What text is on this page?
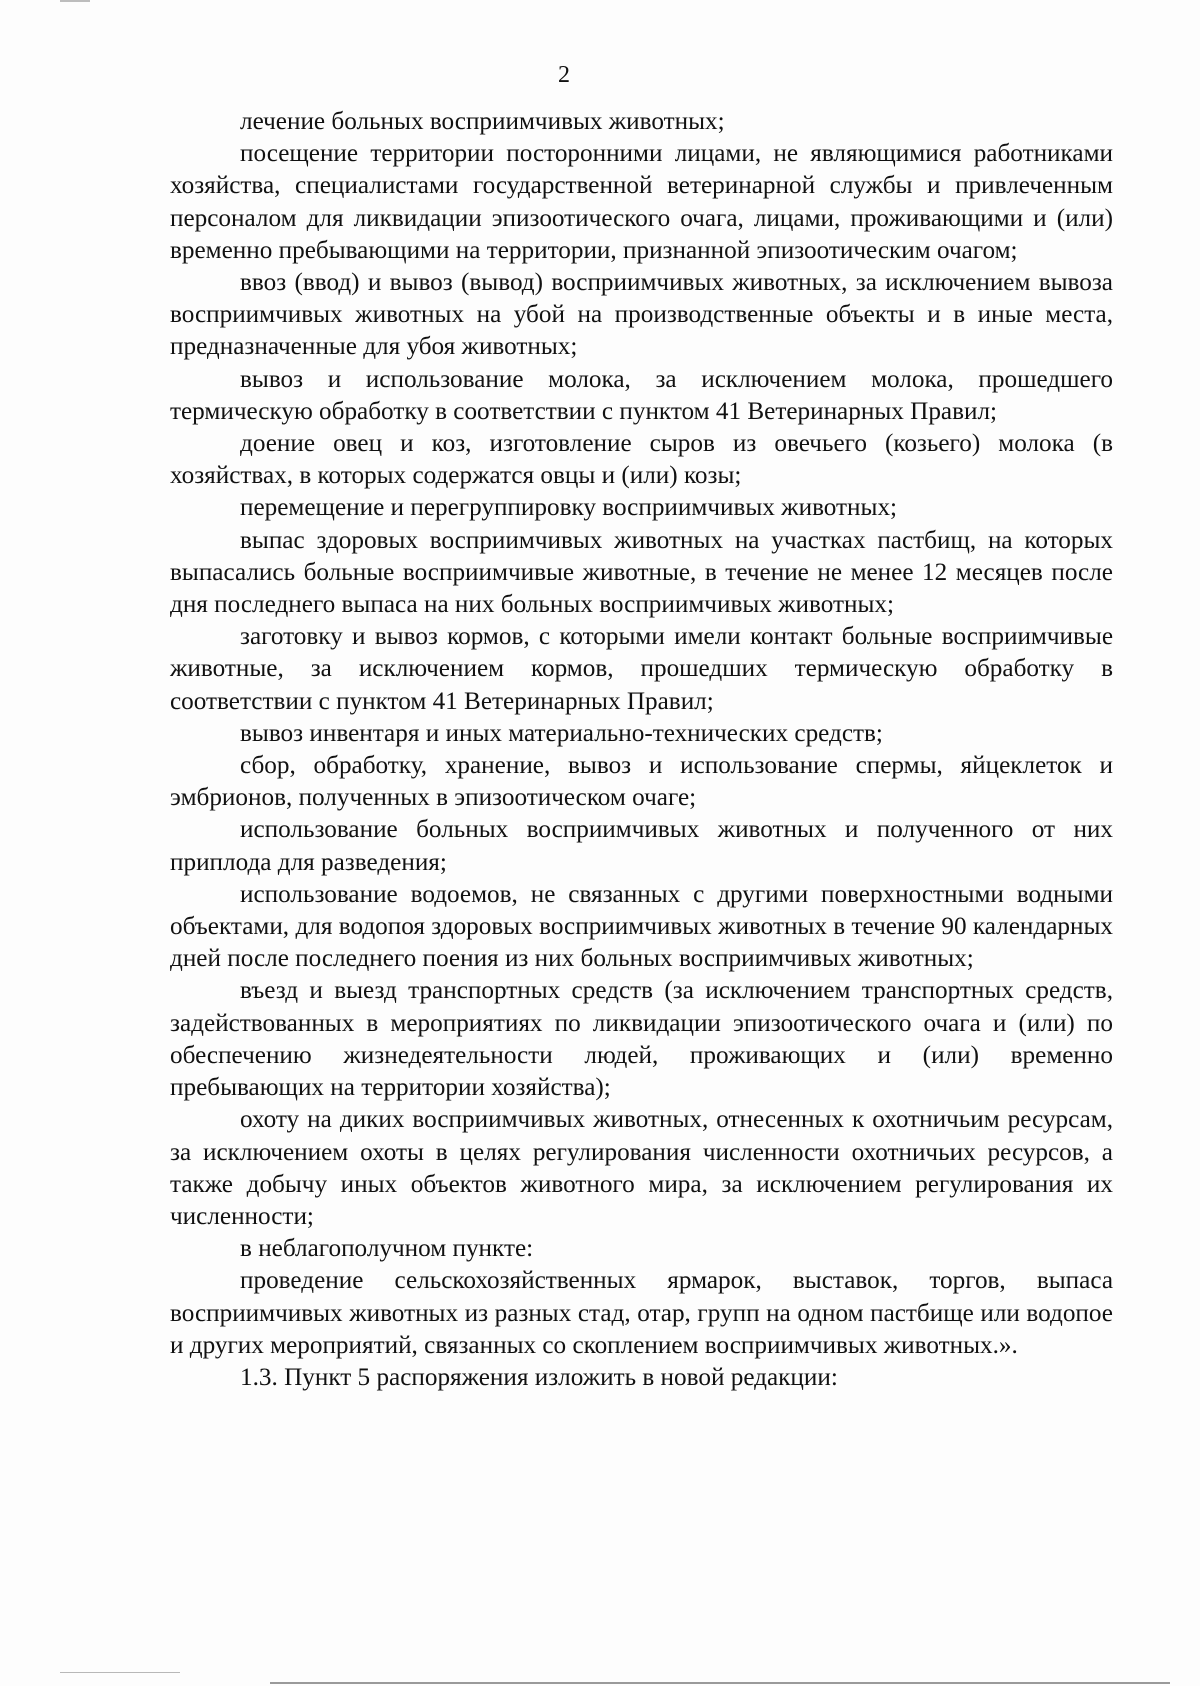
2

лечение больных восприимчивых животных;

посещение территории посторонними лицами, не являющимися работниками хозяйства, специалистами государственной ветеринарной службы и привлеченным персоналом для ликвидации эпизоотического очага, лицами, проживающими и (или) временно пребывающими на территории, признанной эпизоотическим очагом;

ввоз (ввод) и вывоз (вывод) восприимчивых животных, за исключением вывоза восприимчивых животных на убой на производственные объекты и в иные места, предназначенные для убоя животных;

вывоз и использование молока, за исключением молока, прошедшего термическую обработку в соответствии с пунктом 41 Ветеринарных Правил;

доение овец и коз, изготовление сыров из овечьего (козьего) молока (в хозяйствах, в которых содержатся овцы и (или) козы;

перемещение и перегруппировку восприимчивых животных;

выпас здоровых восприимчивых животных на участках пастбищ, на которых выпасались больные восприимчивые животные, в течение не менее 12 месяцев после дня последнего выпаса на них больных восприимчивых животных;

заготовку и вывоз кормов, с которыми имели контакт больные восприимчивые животные, за исключением кормов, прошедших термическую обработку в соответствии с пунктом 41 Ветеринарных Правил;

вывоз инвентаря и иных материально-технических средств;

сбор, обработку, хранение, вывоз и использование спермы, яйцеклеток и эмбрионов, полученных в эпизоотическом очаге;

использование больных восприимчивых животных и полученного от них приплода для разведения;

использование водоемов, не связанных с другими поверхностными водными объектами, для водопоя здоровых восприимчивых животных в течение 90 календарных дней после последнего поения из них больных восприимчивых животных;

въезд и выезд транспортных средств (за исключением транспортных средств, задействованных в мероприятиях по ликвидации эпизоотического очага и (или) по обеспечению жизнедеятельности людей, проживающих и (или) временно пребывающих на территории хозяйства);

охоту на диких восприимчивых животных, отнесенных к охотничьим ресурсам, за исключением охоты в целях регулирования численности охотничьих ресурсов, а также добычу иных объектов животного мира, за исключением регулирования их численности;

в неблагополучном пункте:

проведение сельскохозяйственных ярмарок, выставок, торгов, выпаса восприимчивых животных из разных стад, отар, групп на одном пастбище или водопое и других мероприятий, связанных со скоплением восприимчивых животных.».

1.3. Пункт 5 распоряжения изложить в новой редакции:
